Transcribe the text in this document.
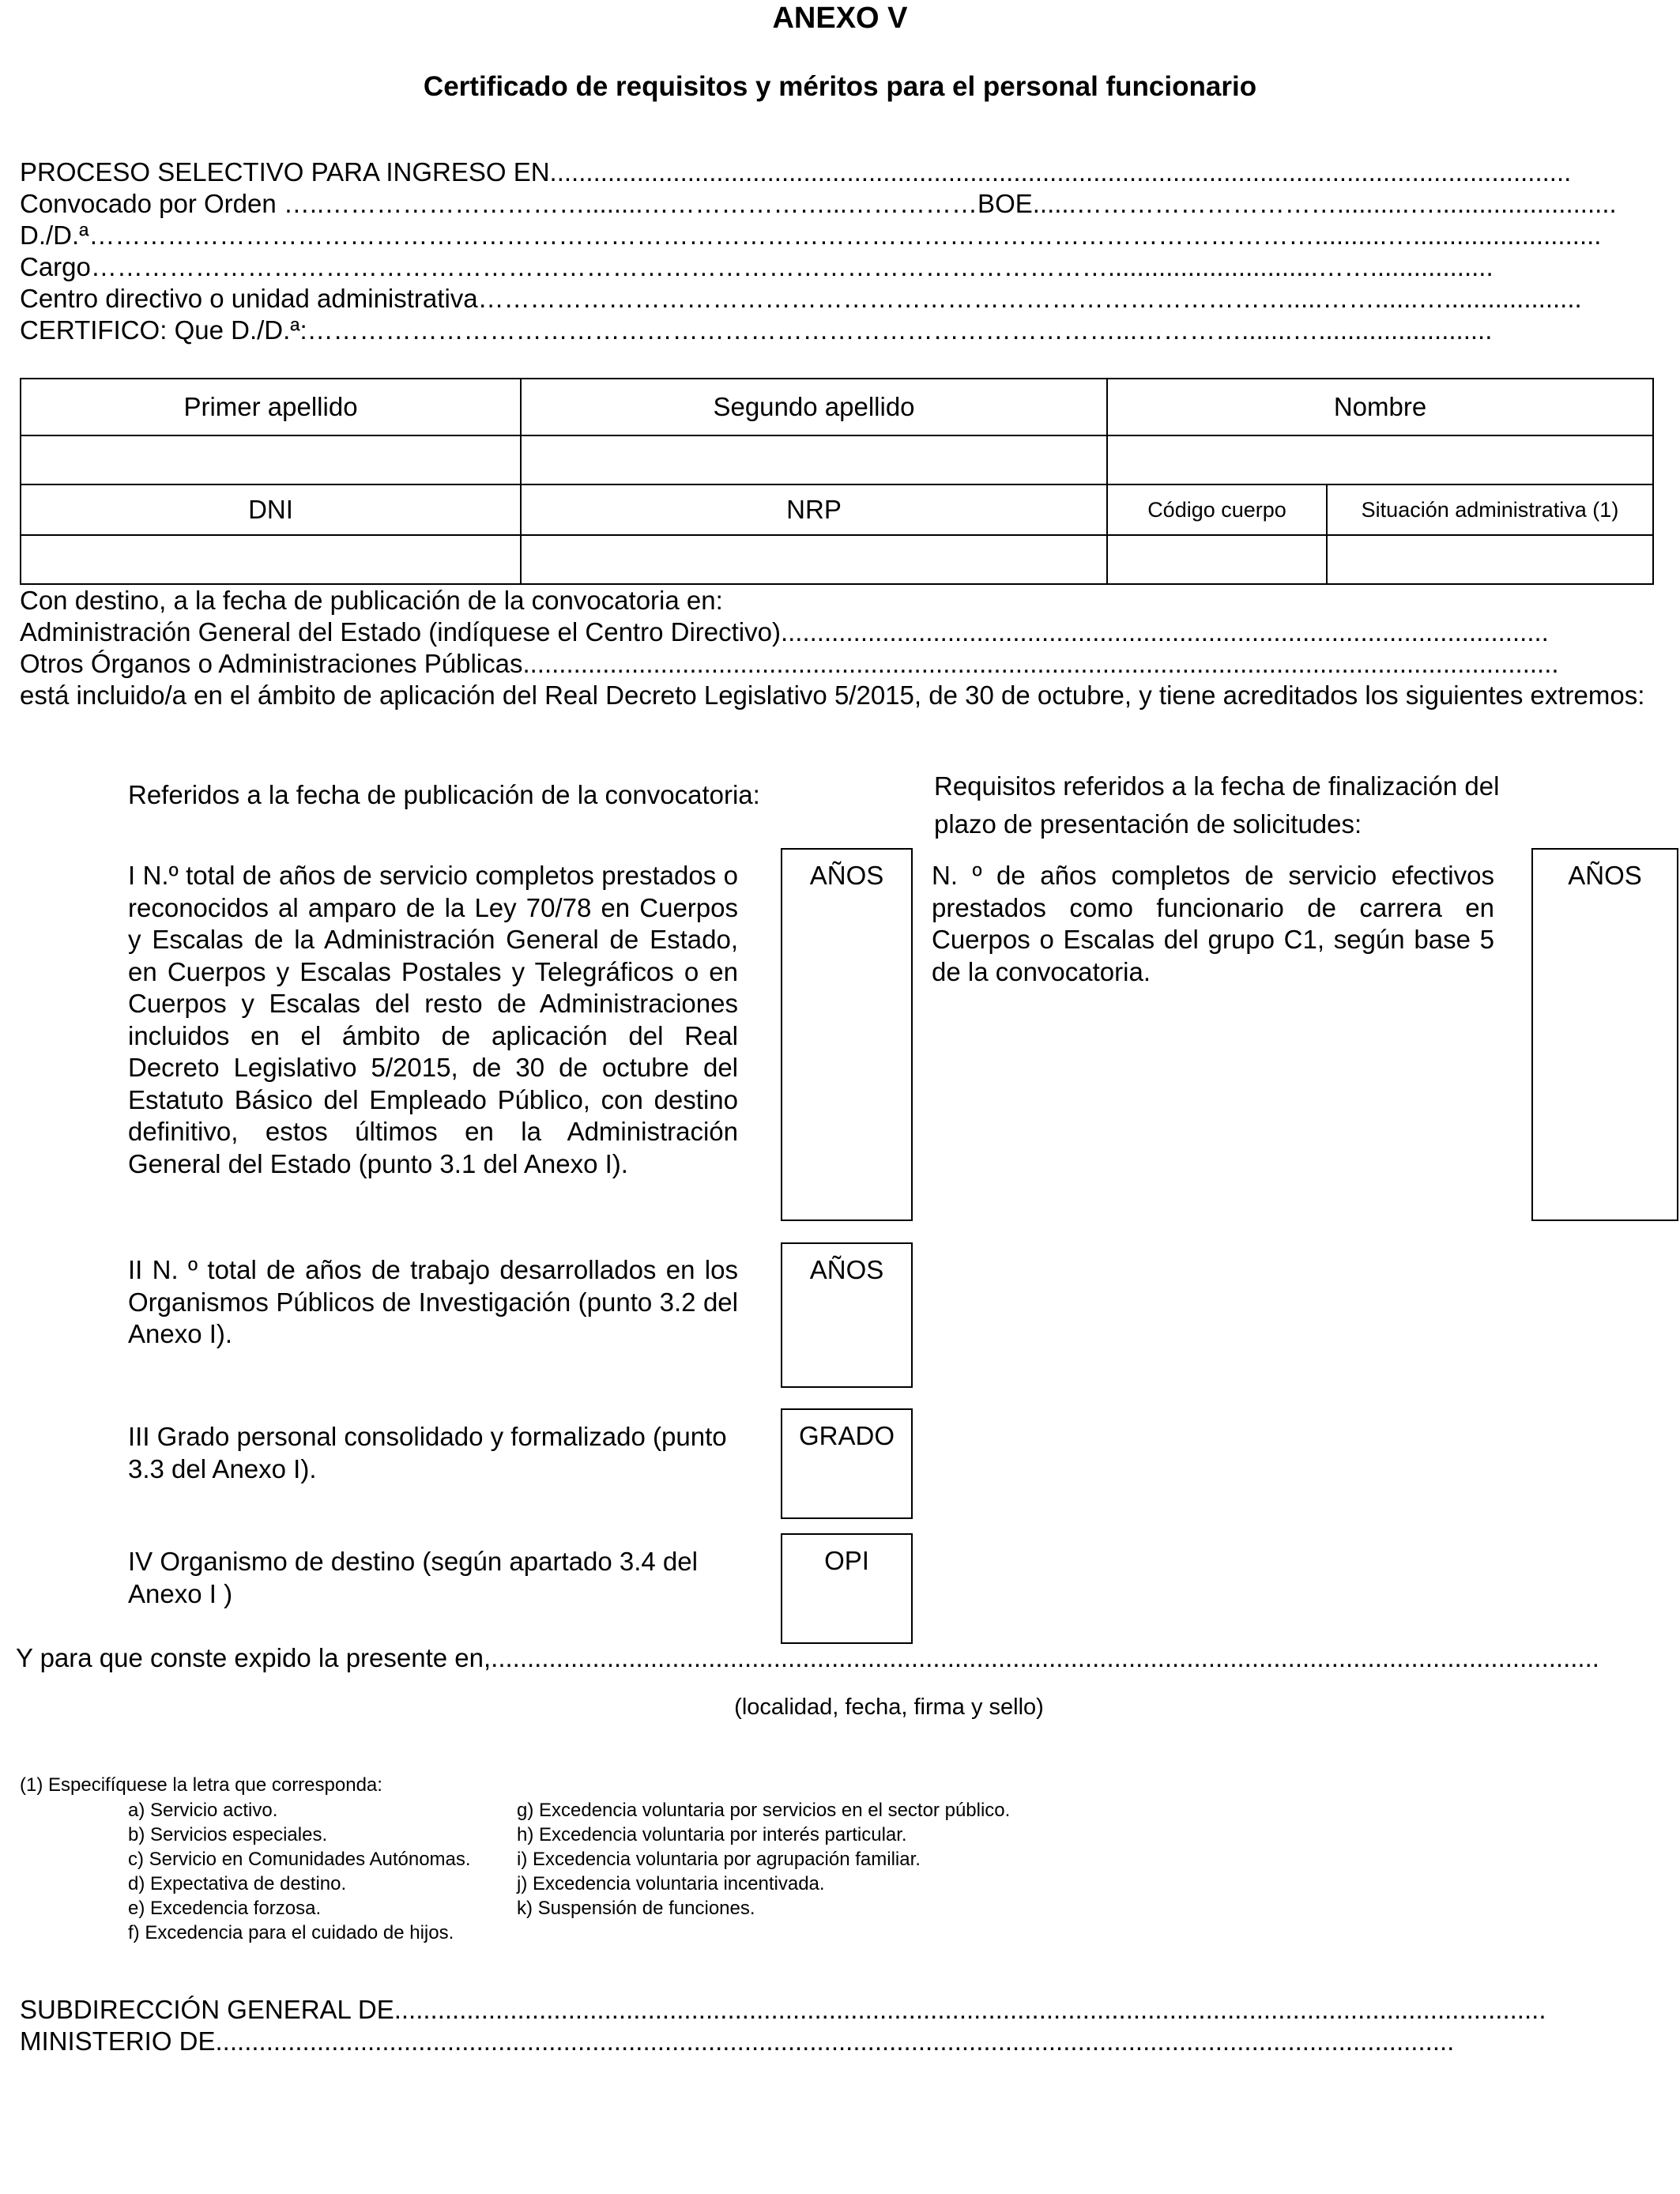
ANEXO V
Certificado de requisitos y méritos para el personal funcionario
PROCESO SELECTIVO PARA INGRESO EN.............................................................................................................................................
Convocado por Orden …..…………………………........…………………...……………BOE......…………………………..........….........................
D./D.ª……………………………………………………………………………………………………………………………..........…..........................
Cargo……………………………………………………………………………………………………….............................…….................
Centro directivo o unidad administrativa………………………………………………………………………………….....……......…...................
CERTIFICO: Que D./D.ª:…………………………………………………………………………………...………….......…........................
Primer apellido	Segundo apellido	Nombre	

DNI	NRP	Código cuerpo	Situación administrativa (1)

Con destino, a la fecha de publicación de la convocatoria en:
Administración General del Estado (indíquese el Centro Directivo)..........................................................................................................
Otros Órganos o Administraciones Públicas...............................................................................................................................................
está incluido/a en el ámbito de aplicación del Real Decreto Legislativo 5/2015, de 30 de octubre, y tiene acreditados los siguientes extremos:
Referidos a la fecha de publicación de la convocatoria:
I N.º total de años de servicio completos prestados o reconocidos al amparo de la Ley 70/78 en Cuerpos y Escalas de la Administración General de Estado, en Cuerpos y Escalas Postales y Telegráficos o en Cuerpos y Escalas del resto de Administraciones incluidos en el ámbito de aplicación del Real Decreto Legislativo 5/2015, de 30 de octubre del Estatuto Básico del Empleado Público, con destino definitivo, estos últimos en la Administración General del Estado (punto 3.1 del Anexo I).
AÑOS
II N. º total de años de trabajo desarrollados en los Organismos Públicos de Investigación (punto 3.2 del Anexo I).
AÑOS
III Grado personal consolidado y formalizado (punto 3.3 del Anexo I).
GRADO
IV Organismo de destino (según apartado 3.4 del Anexo I )
OPI
Requisitos referidos a la fecha de finalización del
plazo de presentación de solicitudes:
N. º de años completos de servicio efectivos prestados como funcionario de carrera en Cuerpos o Escalas del grupo C1, según base 5 de la convocatoria.
AÑOS
Y para que conste expido la presente en,.........................................................................................................................................................
(localidad, fecha, firma y sello)
(1) Especifíquese la letra que corresponda:
a) Servicio activo.
b) Servicios especiales.
c) Servicio en Comunidades Autónomas.
d) Expectativa de destino.
e) Excedencia forzosa.
f) Excedencia para el cuidado de hijos.
g) Excedencia voluntaria por servicios en el sector público.
h) Excedencia voluntaria por interés particular.
i) Excedencia voluntaria por agrupación familiar.
j) Excedencia voluntaria incentivada.
k) Suspensión de funciones.
SUBDIRECCIÓN GENERAL DE...............................................................................................................................................................
MINISTERIO DE...........................................................................................................................................................................
